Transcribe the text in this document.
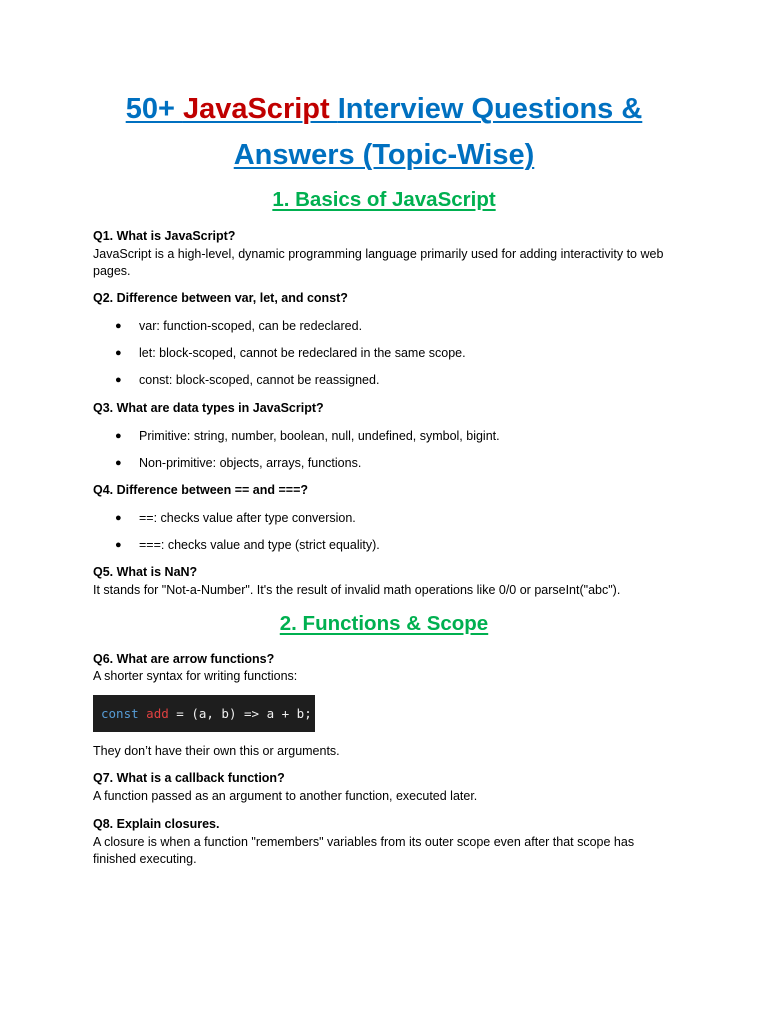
50+ JavaScript Interview Questions &
Answers (Topic-Wise)
1. Basics of JavaScript
Q1. What is JavaScript?
JavaScript is a high-level, dynamic programming language primarily used for adding interactivity to web pages.
Q2. Difference between var, let, and const?
● var: function-scoped, can be redeclared.
● let: block-scoped, cannot be redeclared in the same scope.
● const: block-scoped, cannot be reassigned.
Q3. What are data types in JavaScript?
● Primitive: string, number, boolean, null, undefined, symbol, bigint.
● Non-primitive: objects, arrays, functions.
Q4. Difference between == and ===?
● ==: checks value after type conversion.
● ===: checks value and type (strict equality).
Q5. What is NaN?
It stands for "Not-a-Number". It's the result of invalid math operations like 0/0 or parseInt("abc").
2. Functions & Scope
Q6. What are arrow functions?
A shorter syntax for writing functions:
const add = (a, b) => a + b;
They don’t have their own this or arguments.
Q7. What is a callback function?
A function passed as an argument to another function, executed later.
Q8. Explain closures.
A closure is when a function "remembers" variables from its outer scope even after that scope has finished executing.
